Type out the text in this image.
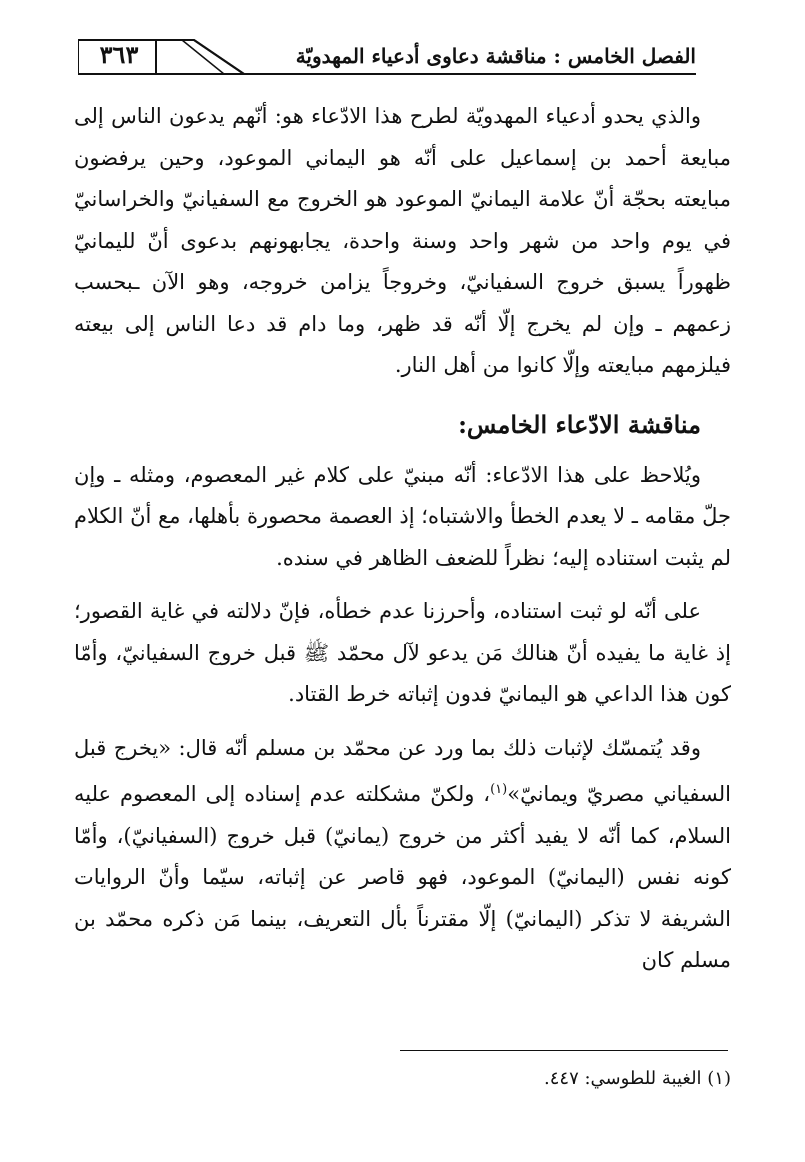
٣٦٣	الفصل الخامس : مناقشة دعاوى أدعياء المهدويّة

والذي يحدو أدعياء المهدويّة لطرح هذا الادّعاء هو: أنّهم يدعون الناس إلى مبايعة أحمد بن إسماعيل على أنّه هو اليماني الموعود، وحين يرفضون مبايعته بحجّة أنّ علامة اليمانيّ الموعود هو الخروج مع السفيانيّ والخراسانيّ في يوم واحد من شهر واحد وسنة واحدة، يجابهونهم بدعوى أنّ لليمانيّ ظهوراً يسبق خروج السفيانيّ، وخروجاً يزامن خروجه، وهو الآن ـبحسب زعمهم ـ وإن لم يخرج إلّا أنّه قد ظهر، وما دام قد دعا الناس إلى بيعته فيلزمهم مبايعته وإلّا كانوا من أهل النار.

مناقشة الادّعاء الخامس:

ويُلاحظ على هذا الادّعاء: أنّه مبنيّ على كلام غير المعصوم، ومثله ـ وإن جلّ مقامه ـ لا يعدم الخطأ والاشتباه؛ إذ العصمة محصورة بأهلها، مع أنّ الكلام لم يثبت استناده إليه؛ نظراً للضعف الظاهر في سنده.

على أنّه لو ثبت استناده، وأحرزنا عدم خطأه، فإنّ دلالته في غاية القصور؛ إذ غاية ما يفيده أنّ هنالك مَن يدعو لآل محمّد ﷺ قبل خروج السفيانيّ، وأمّا كون هذا الداعي هو اليمانيّ فدون إثباته خرط القتاد.

وقد يُتمسّك لإثبات ذلك بما ورد عن محمّد بن مسلم أنّه قال: «يخرج قبل السفياني مصريّ ويمانيّ»$^{(١)}$، ولكنّ مشكلته عدم إسناده إلى المعصوم عليه السلام، كما أنّه لا يفيد أكثر من خروج (يمانيّ) قبل خروج (السفيانيّ)، وأمّا كونه نفس (اليمانيّ) الموعود، فهو قاصر عن إثباته، سيّما وأنّ الروايات الشريفة لا تذكر (اليمانيّ) إلّا مقترناً بأل التعريف، بينما مَن ذكره محمّد بن مسلم كان

(١) الغيبة للطوسي: ٤٤٧.
